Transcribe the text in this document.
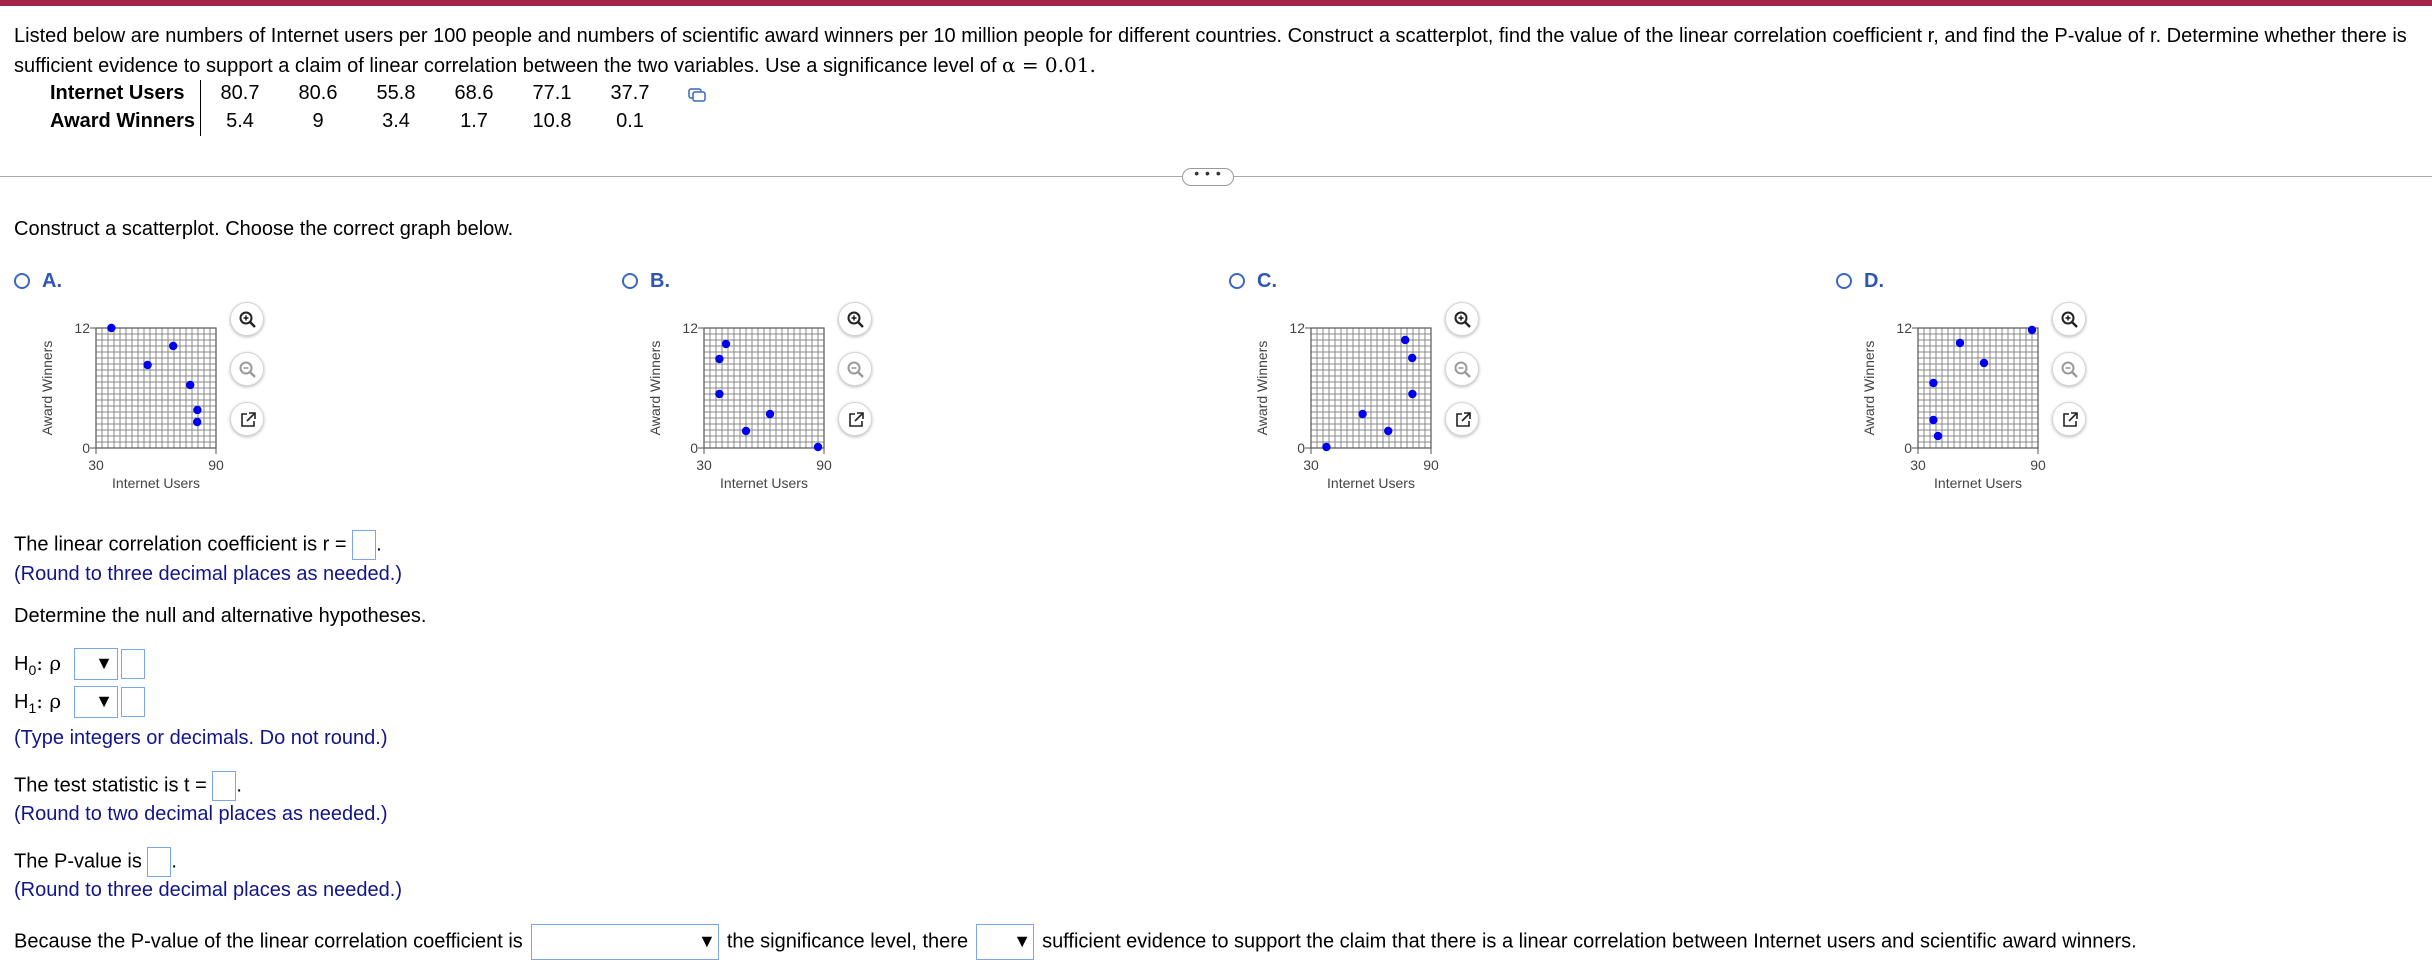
Listed below are numbers of Internet users per 100 people and numbers of scientific award winners per 10 million people for different countries. Construct a scatterplot, find the value of the linear correlation coefficient r, and find the P-value of r. Determine whether there is sufficient evidence to support a claim of linear correlation between the two variables. Use a significance level of α = 0.01.
Internet Users	80.7	80.6	55.8	68.6	77.1	37.7
Award Winners	5.4	9	3.4	1.7	10.8	0.1
• • •
Construct a scatterplot. Choose the correct graph below.
A.
12
0
30	90
Internet Users
Award Winners
B.
12
0
30	90
Internet Users
Award Winners
C.
12
0
30	90
Internet Users
Award Winners
D.
12
0
30	90
Internet Users
Award Winners
The linear correlation coefficient is r = .
(Round to three decimal places as needed.)
Determine the null and alternative hypotheses.
$H_0$: ρ ▼
$H_1$: ρ ▼
(Type integers or decimals. Do not round.)
The test statistic is t = .
(Round to two decimal places as needed.)
The P-value is .
(Round to three decimal places as needed.)
Because the P-value of the linear correlation coefficient is	▼ the significance level, there	▼ sufficient evidence to support the claim that there is a linear correlation between Internet users and scientific award winners.
